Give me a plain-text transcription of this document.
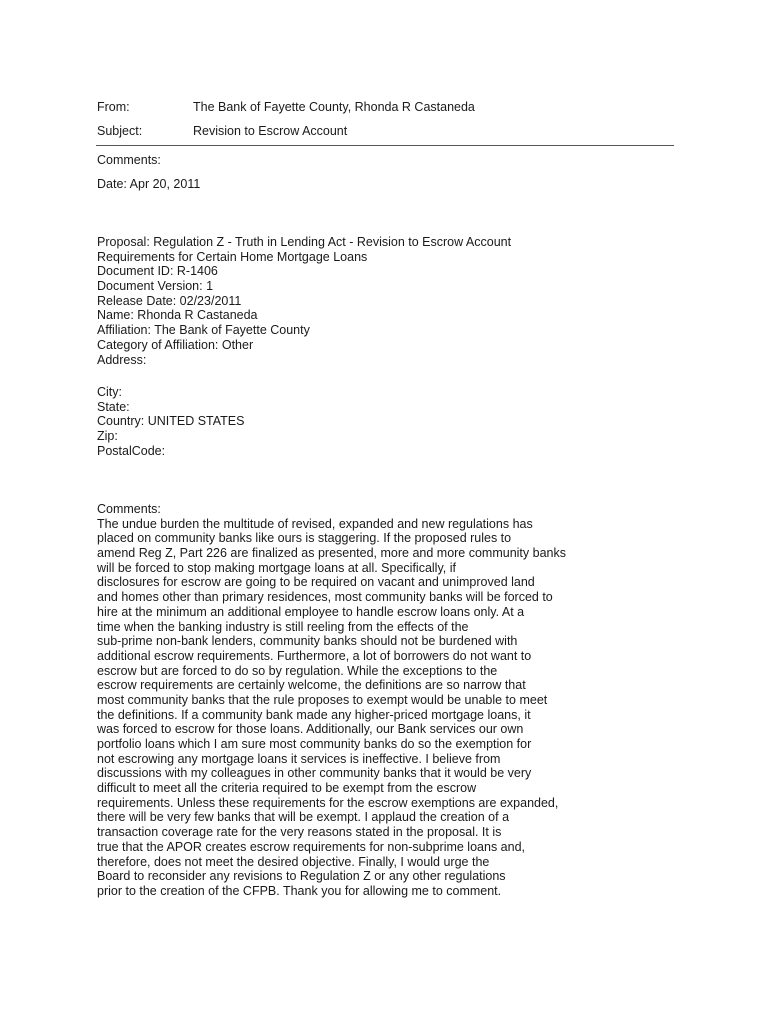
From:	The Bank of Fayette County, Rhonda R Castaneda
Subject:	Revision to Escrow Account
Comments:
Date: Apr 20, 2011
Proposal: Regulation Z - Truth in Lending Act - Revision to Escrow Account
Requirements for Certain Home Mortgage Loans
Document ID: R-1406
Document Version: 1
Release Date: 02/23/2011
Name: Rhonda R Castaneda
Affiliation: The Bank of Fayette County
Category of Affiliation: Other
Address:
City:
State:
Country: UNITED STATES
Zip:
PostalCode:
Comments:
The undue burden the multitude of revised, expanded and new regulations has
placed on community banks like ours is staggering. If the proposed rules to
amend Reg Z, Part 226 are finalized as presented, more and more community banks
will be forced to stop making mortgage loans at all. Specifically, if
disclosures for escrow are going to be required on vacant and unimproved land
and homes other than primary residences, most community banks will be forced to
hire at the minimum an additional employee to handle escrow loans only. At a
time when the banking industry is still reeling from the effects of the
sub-prime non-bank lenders, community banks should not be burdened with
additional escrow requirements. Furthermore, a lot of borrowers do not want to
escrow but are forced to do so by regulation. While the exceptions to the
escrow requirements are certainly welcome, the definitions are so narrow that
most community banks that the rule proposes to exempt would be unable to meet
the definitions. If a community bank made any higher-priced mortgage loans, it
was forced to escrow for those loans. Additionally, our Bank services our own
portfolio loans which I am sure most community banks do so the exemption for
not escrowing any mortgage loans it services is ineffective. I believe from
discussions with my colleagues in other community banks that it would be very
difficult to meet all the criteria required to be exempt from the escrow
requirements. Unless these requirements for the escrow exemptions are expanded,
there will be very few banks that will be exempt. I applaud the creation of a
transaction coverage rate for the very reasons stated in the proposal. It is
true that the APOR creates escrow requirements for non-subprime loans and,
therefore, does not meet the desired objective. Finally, I would urge the
Board to reconsider any revisions to Regulation Z or any other regulations
prior to the creation of the CFPB. Thank you for allowing me to comment.
